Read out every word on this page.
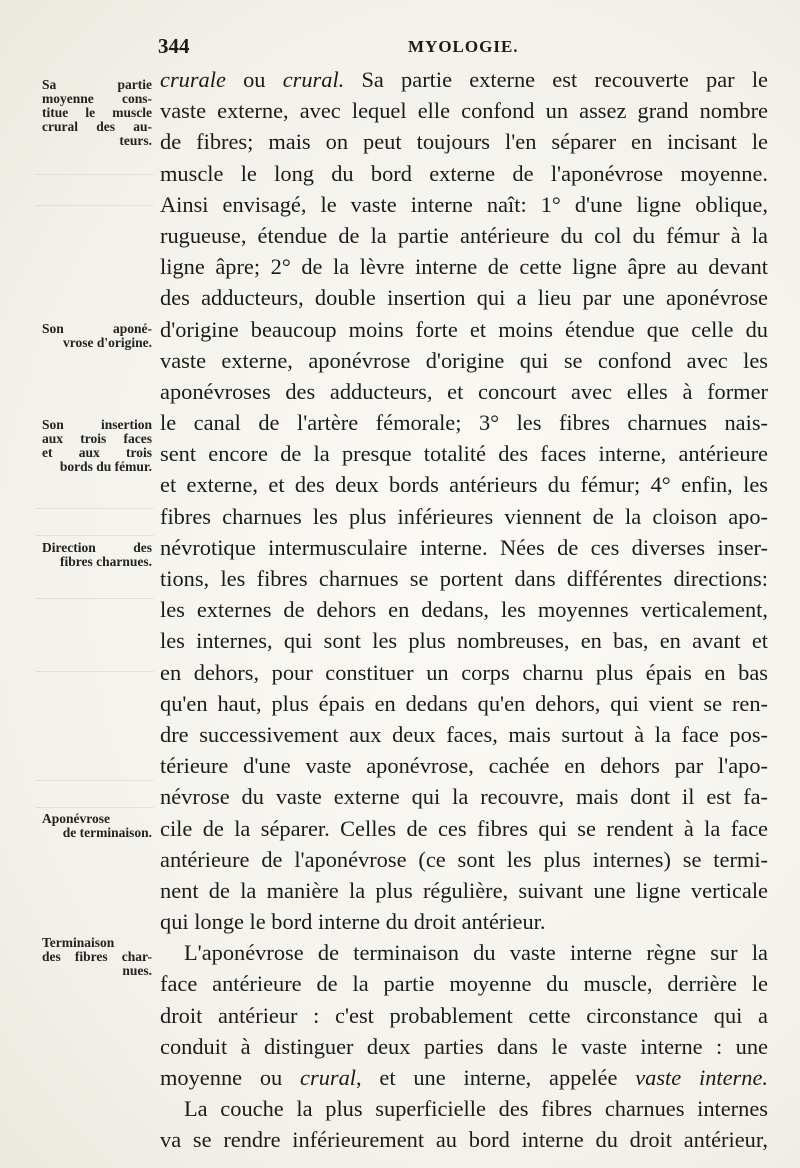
344	MYOLOGIE.
Sa partie
moyenne cons-
titue le muscle
crural des au-
teurs.
Son aponé-
vrose d'origine.
Son insertion
aux trois faces
et aux trois
bords du fémur.
Direction des
fibres charnues.
Aponévrose
de terminaison.
Terminaison
des fibres char-
nues.
crurale ou crural. Sa partie externe est recouverte par le
vaste externe, avec lequel elle confond un assez grand nombre
de fibres; mais on peut toujours l'en séparer en incisant le
muscle le long du bord externe de l'aponévrose moyenne.
Ainsi envisagé, le vaste interne naît: 1° d'une ligne oblique,
rugueuse, étendue de la partie antérieure du col du fémur à la
ligne âpre; 2° de la lèvre interne de cette ligne âpre au devant
des adducteurs, double insertion qui a lieu par une aponévrose
d'origine beaucoup moins forte et moins étendue que celle du
vaste externe, aponévrose d'origine qui se confond avec les
aponévroses des adducteurs, et concourt avec elles à former
le canal de l'artère fémorale; 3° les fibres charnues nais-
sent encore de la presque totalité des faces interne, antérieure
et externe, et des deux bords antérieurs du fémur; 4° enfin, les
fibres charnues les plus inférieures viennent de la cloison apo-
névrotique intermusculaire interne. Nées de ces diverses inser-
tions, les fibres charnues se portent dans différentes directions:
les externes de dehors en dedans, les moyennes verticalement,
les internes, qui sont les plus nombreuses, en bas, en avant et
en dehors, pour constituer un corps charnu plus épais en bas
qu'en haut, plus épais en dedans qu'en dehors, qui vient se ren-
dre successivement aux deux faces, mais surtout à la face pos-
térieure d'une vaste aponévrose, cachée en dehors par l'apo-
névrose du vaste externe qui la recouvre, mais dont il est fa-
cile de la séparer. Celles de ces fibres qui se rendent à la face
antérieure de l'aponévrose (ce sont les plus internes) se termi-
nent de la manière la plus régulière, suivant une ligne verticale
qui longe le bord interne du droit antérieur.
L'aponévrose de terminaison du vaste interne règne sur la
face antérieure de la partie moyenne du muscle, derrière le
droit antérieur : c'est probablement cette circonstance qui a
conduit à distinguer deux parties dans le vaste interne : une
moyenne ou crural, et une interne, appelée vaste interne.
La couche la plus superficielle des fibres charnues internes
va se rendre inférieurement au bord interne du droit antérieur,
